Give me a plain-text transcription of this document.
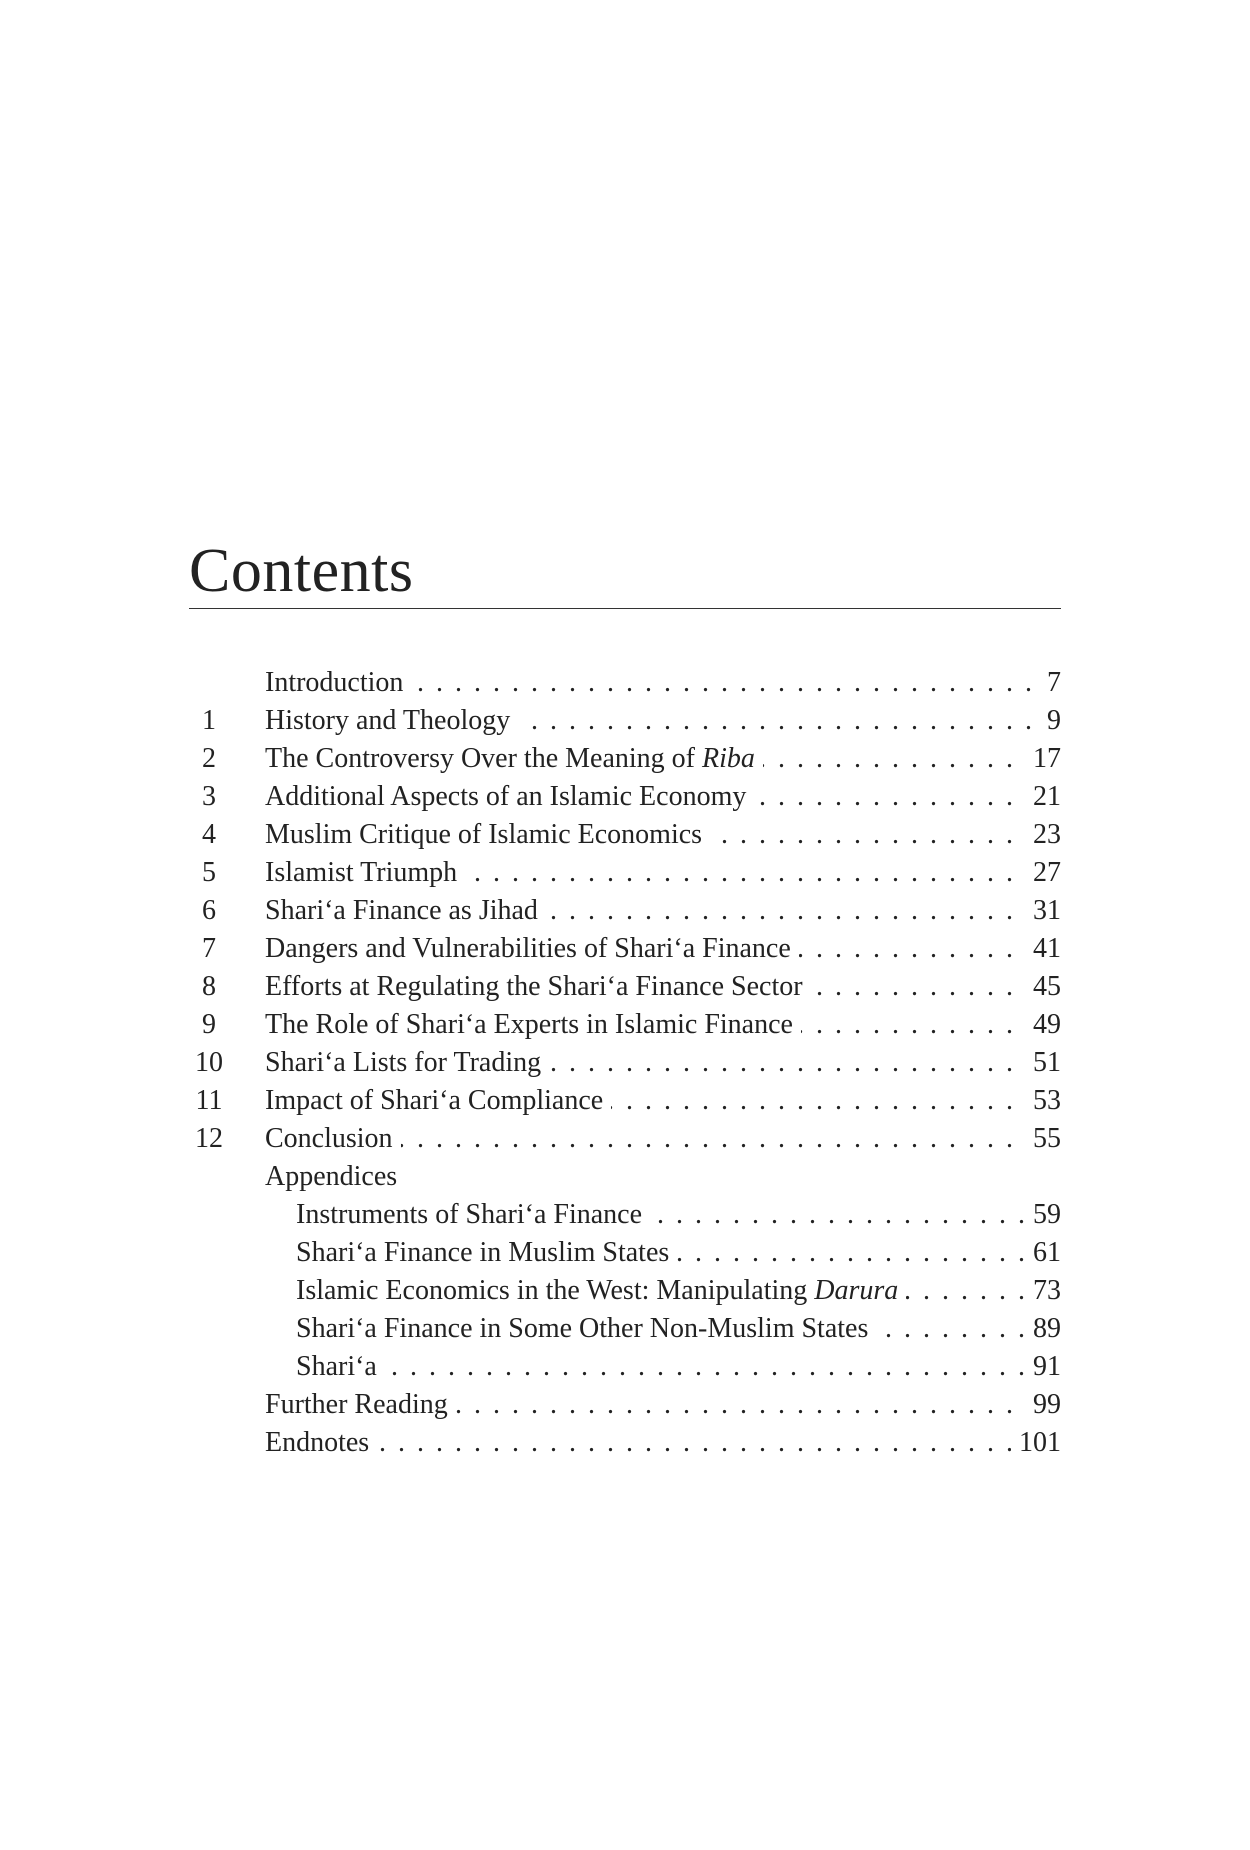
Contents
. . .
Introduction	7
1 . . .	History and Theology	9
2 . . .	The Controversy Over the Meaning of Riba	17
3 . . .	Additional Aspects of an Islamic Economy	21
4 . . .	Muslim Critique of Islamic Economics	23
5 . . .	Islamist Triumph	27
6 . . .	Shari‘a Finance as Jihad	31
7 . . .	Dangers and Vulnerabilities of Shari‘a Finance	41
8 . . .	Efforts at Regulating the Shari‘a Finance Sector	45
9 . . .	The Role of Shari‘a Experts in Islamic Finance	49
10 . . . Shari‘a Lists for Trading	51
11 . . . Impact of Shari‘a Compliance	53
12 . . . Conclusion	55
Appendices
. . .
Instruments of Shari‘a Finance	59
. . .
Shari‘a Finance in Muslim States	61
. . .
Islamic Economics in the West: Manipulating Darura	73
. . .
Shari‘a Finance in Some Other Non-Muslim States	89
. . .
Shari‘a	91
. . .
Further Reading	99
. . .
Endnotes	101
